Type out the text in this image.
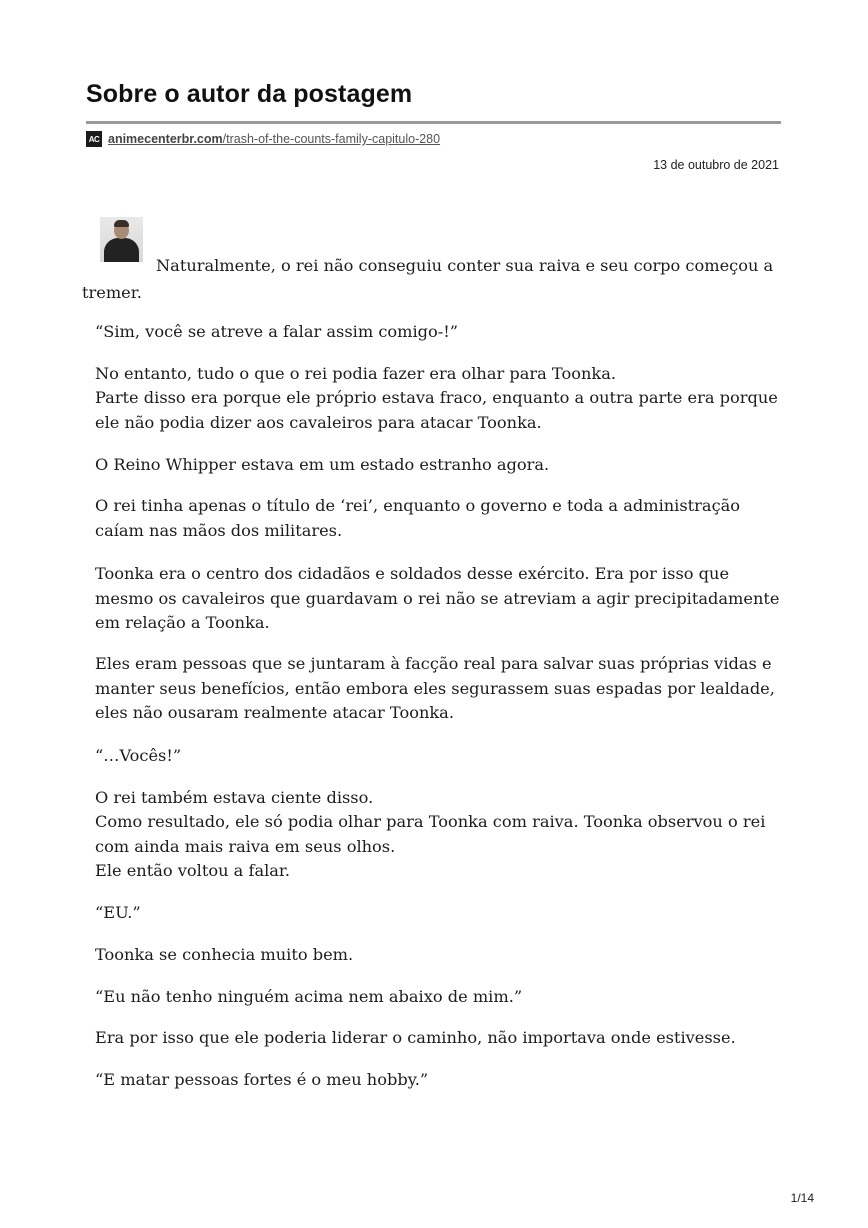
Sobre o autor da postagem
AC animecenterbr.com/trash-of-the-counts-family-capitulo-280
13 de outubro de 2021

Naturalmente, o rei não conseguiu conter sua raiva e seu corpo começou a tremer.

“Sim, você se atreve a falar assim comigo-!”

No entanto, tudo o que o rei podia fazer era olhar para Toonka.

Parte disso era porque ele próprio estava fraco, enquanto a outra parte era porque ele não podia dizer aos cavaleiros para atacar Toonka.

O Reino Whipper estava em um estado estranho agora.

O rei tinha apenas o título de ‘rei’, enquanto o governo e toda a administração caíam nas mãos dos militares.

Toonka era o centro dos cidadãos e soldados desse exército. Era por isso que mesmo os cavaleiros que guardavam o rei não se atreviam a agir precipitadamente em relação a Toonka.

Eles eram pessoas que se juntaram à facção real para salvar suas próprias vidas e manter seus benefícios, então embora eles segurassem suas espadas por lealdade, eles não ousaram realmente atacar Toonka.

“…Vocês!”

O rei também estava ciente disso.

Como resultado, ele só podia olhar para Toonka com raiva. Toonka observou o rei com ainda mais raiva em seus olhos.

Ele então voltou a falar.

“EU.”

Toonka se conhecia muito bem.

“Eu não tenho ninguém acima nem abaixo de mim.”

Era por isso que ele poderia liderar o caminho, não importava onde estivesse.

“E matar pessoas fortes é o meu hobby.”

1/14
